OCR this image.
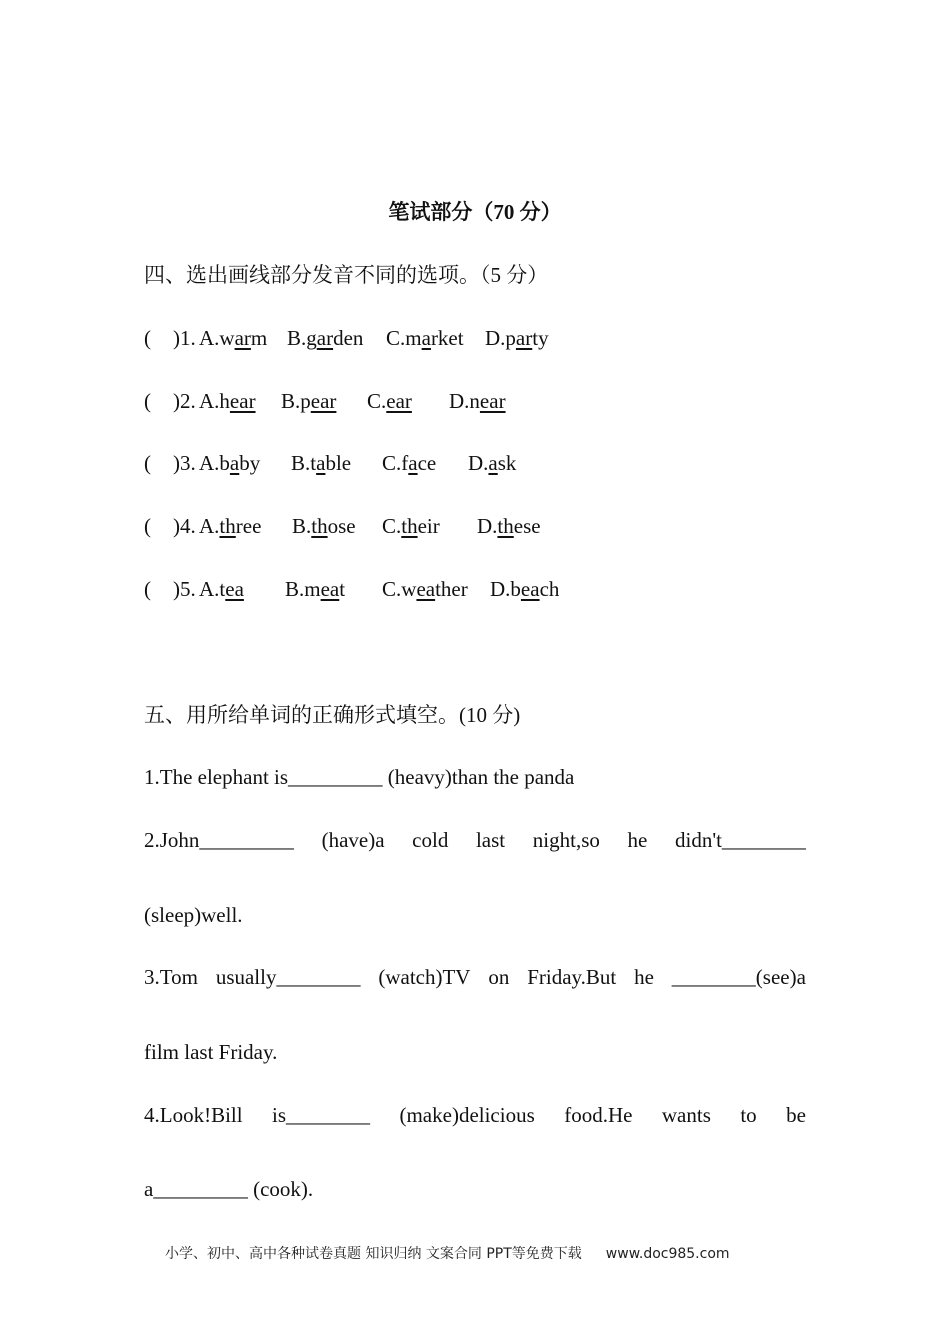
笔试部分（70 分）
四、选出画线部分发音不同的选项。（5 分）
( )1. A.warm B.garden C.market D.party
( )2. A.hear B.pear C.ear D.near
( )3. A.baby B.table C.face D.ask
( )4. A.three B.those C.their D.these
( )5. A.tea B.meat C.weather D.beach
五、用所给单词的正确形式填空。(10 分)
1.The elephant is_________ (heavy)than the panda
2.John_________ (have)a cold last night,so he didn't________
(sleep)well.
3.Tom usually________ (watch)TV on Friday.But he ________(see)a
film last Friday.
4.Look!Bill is________ (make)delicious food.He wants to be
a_________ (cook).
小学、初中、高中各种试卷真题 知识归纳 文案合同 PPT等免费下载 www.doc985.com
